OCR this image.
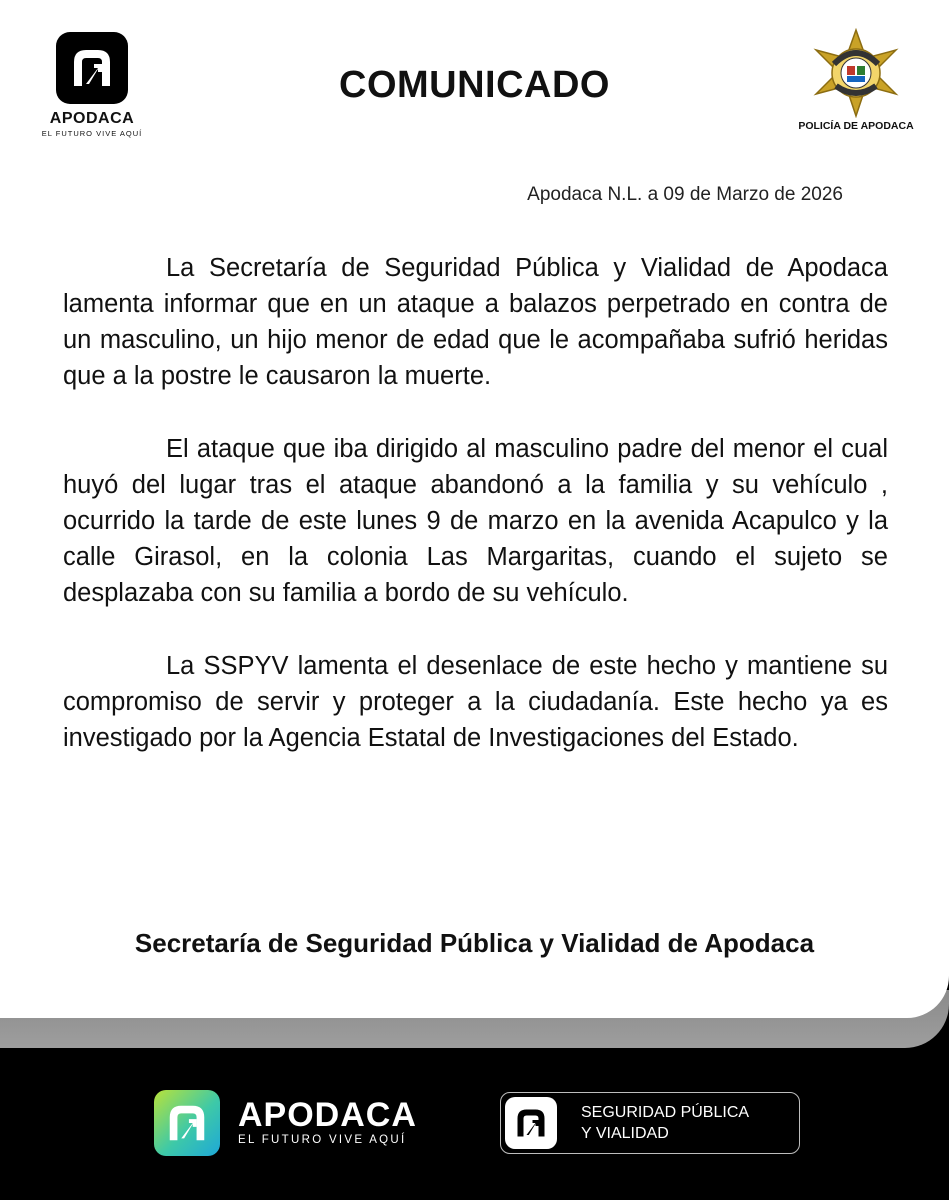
APODACA
EL FUTURO VIVE AQUÍ
COMUNICADO
POLICÍA DE APODACA
Apodaca N.L. a 09 de Marzo de 2026

La Secretaría de Seguridad Pública y Vialidad de Apodaca lamenta informar que en un ataque a balazos perpetrado en contra de un masculino, un hijo menor de edad que le acompañaba sufrió heridas que a la postre le causaron la muerte.

El ataque que iba dirigido al masculino padre del menor el cual huyó del lugar tras el ataque abandonó a la familia y su vehículo , ocurrido la tarde de este lunes 9 de marzo en la avenida Acapulco y la calle Girasol, en la colonia Las Margaritas, cuando el sujeto se desplazaba con su familia a bordo de su vehículo.

La SSPYV lamenta el desenlace de este hecho y mantiene su compromiso de servir y proteger a la ciudadanía. Este hecho ya es investigado por la Agencia Estatal de Investigaciones del Estado.

Secretaría de Seguridad Pública y Vialidad de Apodaca
APODACA
EL FUTURO VIVE AQUÍ
SEGURIDAD PÚBLICA
Y VIALIDAD
